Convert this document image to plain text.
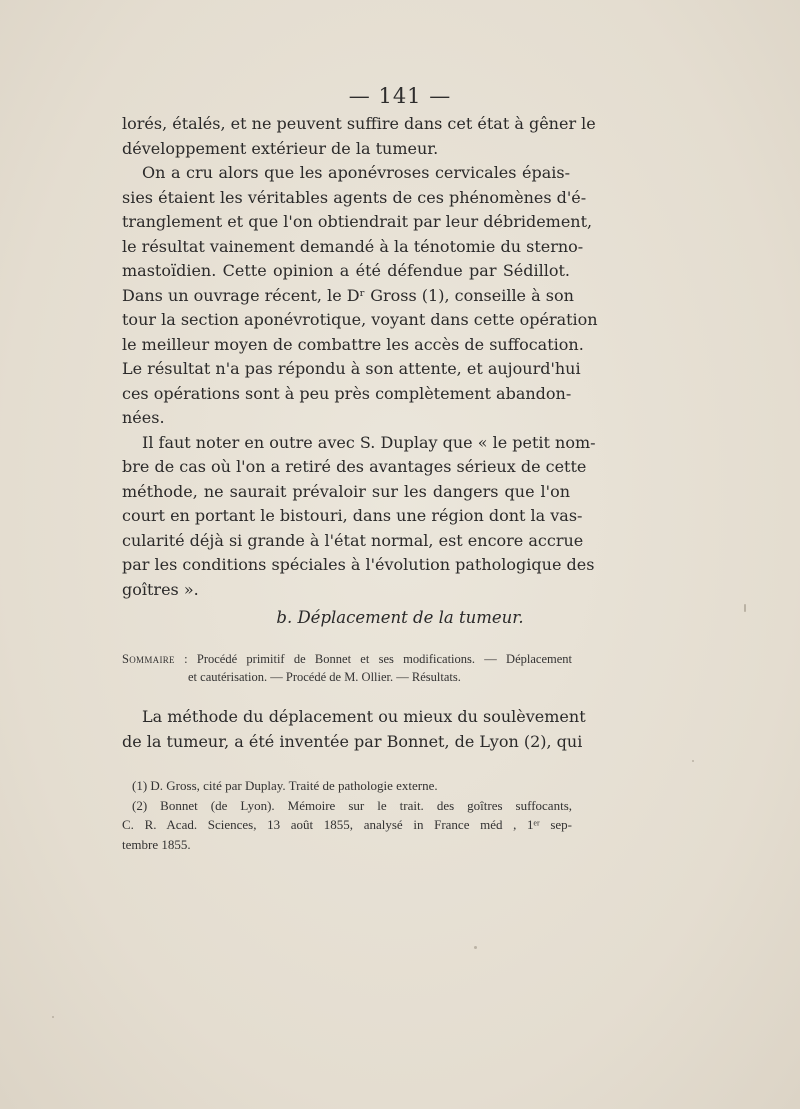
— 141 —
lorés, étalés, et ne peuvent suffire dans cet état à gêner le
développement extérieur de la tumeur.
On a cru alors que les aponévroses cervicales épais-
sies étaient les véritables agents de ces phénomènes d'é-
tranglement et que l'on obtiendrait par leur débridement,
le résultat vainement demandé à la ténotomie du sterno-
mastoïdien. Cette opinion a été défendue par Sédillot.
Dans un ouvrage récent, le Dʳ Gross (1), conseille à son
tour la section aponévrotique, voyant dans cette opération
le meilleur moyen de combattre les accès de suffocation.
Le résultat n'a pas répondu à son attente, et aujourd'hui
ces opérations sont à peu près complètement abandon-
nées.
Il faut noter en outre avec S. Duplay que « le petit nom-
bre de cas où l'on a retiré des avantages sérieux de cette
méthode, ne saurait prévaloir sur les dangers que l'on
court en portant le bistouri, dans une région dont la vas-
cularité déjà si grande à l'état normal, est encore accrue
par les conditions spéciales à l'évolution pathologique des
goîtres ».
b. Déplacement de la tumeur.
Sommaire : Procédé primitif de Bonnet et ses modifications. — Déplacement
et cautérisation. — Procédé de M. Ollier. — Résultats.
La méthode du déplacement ou mieux du soulèvement
de la tumeur, a été inventée par Bonnet, de Lyon (2), qui
(1) D. Gross, cité par Duplay. Traité de pathologie externe.
(2) Bonnet (de Lyon). Mémoire sur le trait. des goîtres suffocants,
C. R. Acad. Sciences, 13 août 1855, analysé in France méd , 1ᵉʳ sep-
tembre 1855.
